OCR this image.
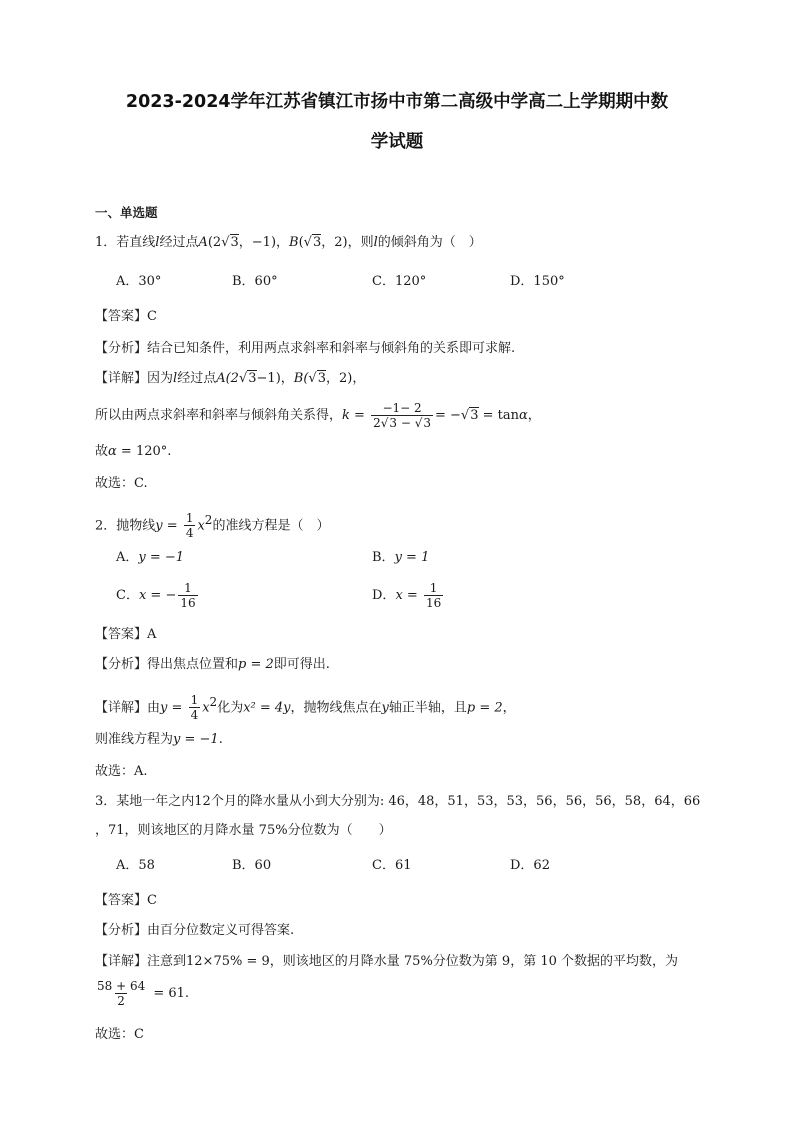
2023-2024学年江苏省镇江市扬中市第二高级中学高二上学期期中数
学试题
一、单选题
1．若直线l经过点A(2√3，−1)，B(√3，2)，则l的倾斜角为（　）
A．30°	B．60°	C．120°	D．150°
【答案】C
【分析】结合已知条件，利用两点求斜率和斜率与倾斜角的关系即可求解.
【详解】因为l经过点A(2√3−1)，B(√3，2)，
所以由两点求斜率和斜率与倾斜角关系得，$k = \frac{-1- 2}{2√3 - √3} = -√3 = \tan\alpha$，
故α = 120°.
故选：C.
2．抛物线$y = \frac{1}{4} x^2$的准线方程是（　）
A．y = −1	B．y = 1
C．x = − $\frac{1}{16}$	D．$x = \frac{1}{16}$
【答案】A
【分析】得出焦点位置和p = 2即可得出.
【详解】由$y = \frac{1}{4} x^2$化为x² = 4y，抛物线焦点在y轴正半轴，且p = 2，
则准线方程为y = −1.
故选：A.
3．某地一年之内12个月的降水量从小到大分别为: 46，48，51，53，53，56，56，56，58，64，66
，71，则该地区的月降水量 75%分位数为（　　）
A．58	B．60	C．61	D．62
【答案】C
【分析】由百分位数定义可得答案.
【详解】注意到12×75% = 9，则该地区的月降水量 75%分位数为第 9，第 10 个数据的平均数，为
$\frac{58 + 64}{2} = 61$.
故选：C
